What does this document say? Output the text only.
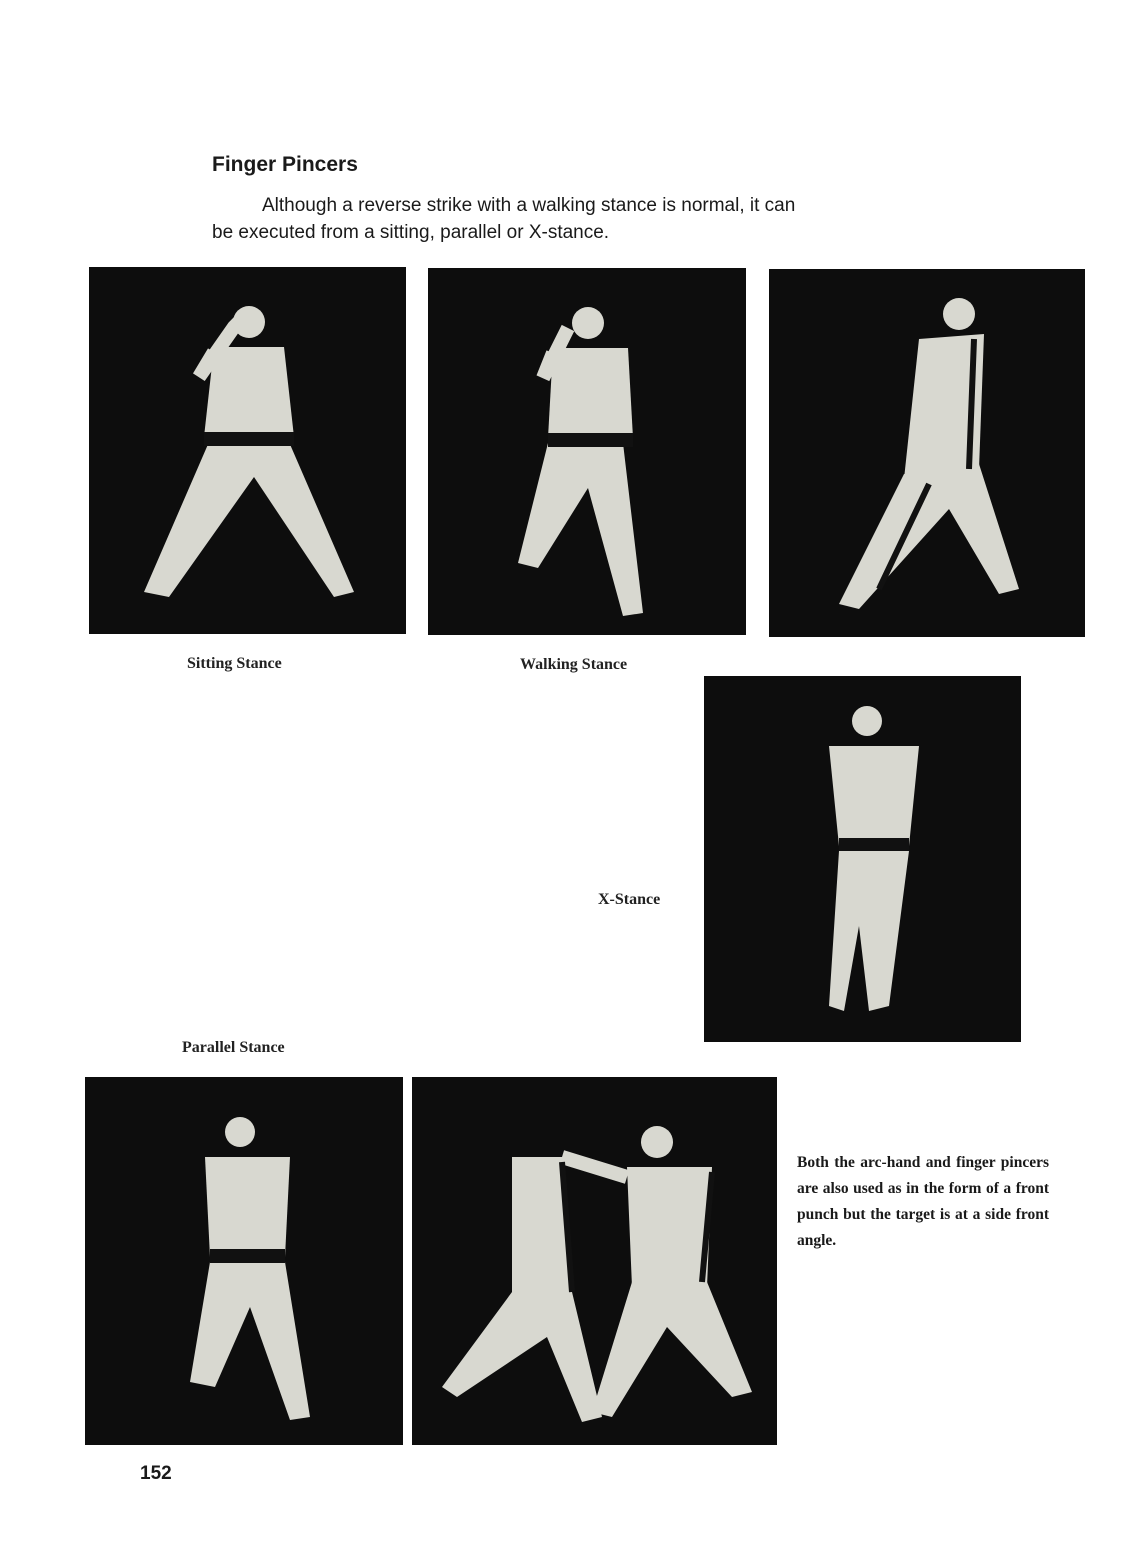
Finger Pincers
Although a reverse strike with a walking stance is normal, it can
be executed from a sitting, parallel or X-stance.
Sitting Stance	Walking Stance
X-Stance
Parallel Stance
Both the arc-hand and finger pincers are also used as in the form of a front punch but the target is at a side front angle.
152
